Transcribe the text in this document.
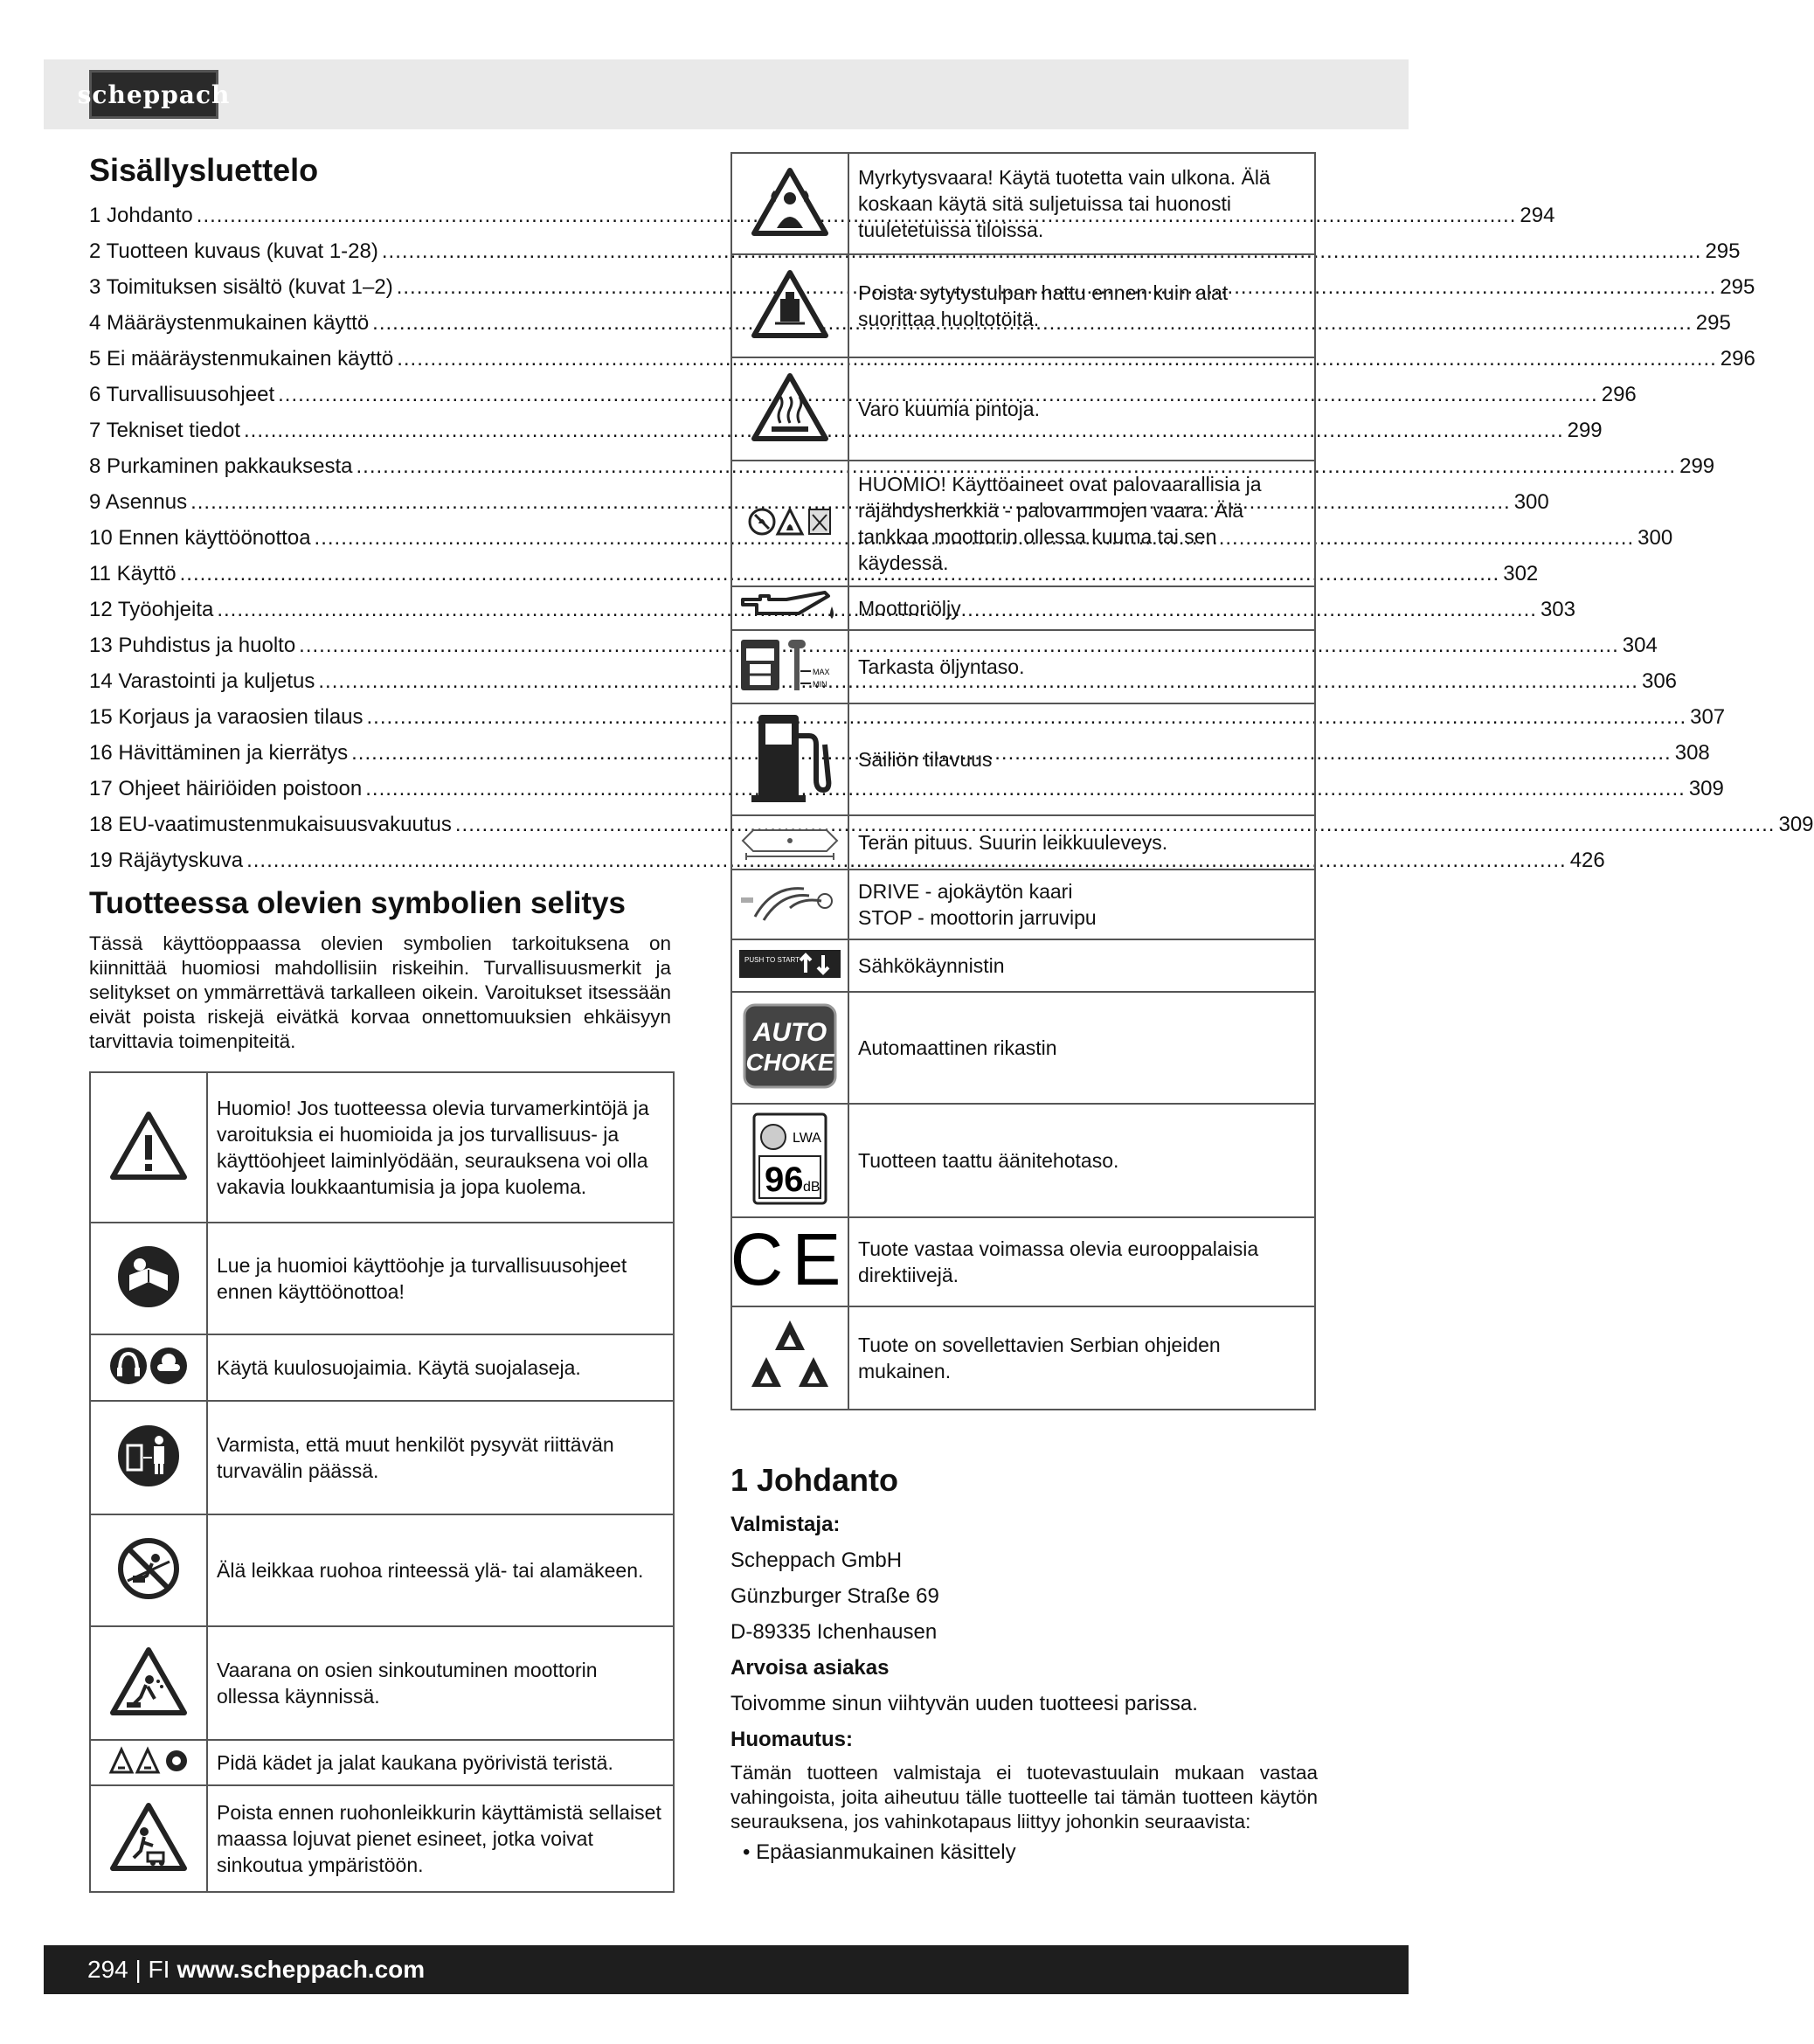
scheppach
Sisällysluettelo
1 Johdanto .....	294
2 Tuotteen kuvaus (kuvat 1-28) .....	295
3 Toimituksen sisältö (kuvat 1–2) .....	295
4 Määräystenmukainen käyttö .....	295
5 Ei määräystenmukainen käyttö .....	296
6 Turvallisuusohjeet .....	296
7 Tekniset tiedot .....	299
8 Purkaminen pakkauksesta .....	299
9 Asennus .....	300
10 Ennen käyttöönottoa .....	300
11 Käyttö .....	302
12 Työohjeita .....	303
13 Puhdistus ja huolto .....	304
14 Varastointi ja kuljetus .....	306
15 Korjaus ja varaosien tilaus .....	307
16 Hävittäminen ja kierrätys .....	308
17 Ohjeet häiriöiden poistoon .....	309
18 EU-vaatimustenmukaisuusvakuutus .....	309
19 Räjäytyskuva .....	426
Tuotteessa olevien symbolien selitys
Tässä käyttöoppaassa olevien symbolien tarkoituksena on kiinnittää huomiosi mahdollisiin riskeihin. Turvallisuusmerkit ja selitykset on ymmärrettävä tarkalleen oikein. Varoitukset itsessään eivät poista riskejä eivätkä korvaa onnettomuuksien ehkäisyyn tarvittavia toimenpiteitä.
	Huomio! Jos tuotteessa olevia turvamerkintöjä ja varoituksia ei huomioida ja jos turvallisuus- ja käyttöohjeet laiminlyödään, seurauksena voi olla vakavia loukkaantumisia ja jopa kuolema.
	Lue ja huomioi käyttöohje ja turvallisuusohjeet ennen käyttöönottoa!
	Käytä kuulosuojaimia. Käytä suojalaseja.
	Varmista, että muut henkilöt pysyvät riittävän turvavälin päässä.
	Älä leikkaa ruohoa rinteessä ylä- tai alamäkeen.
	Vaarana on osien sinkoutuminen moottorin ollessa käynnissä.
	Pidä kädet ja jalat kaukana pyörivistä teristä.
	Poista ennen ruohonleikkurin käyttämistä sellaiset maassa lojuvat pienet esineet, jotka voivat sinkoutua ympäristöön.
	Myrkytysvaara! Käytä tuotetta vain ulkona. Älä koskaan käytä sitä suljetuissa tai huonosti tuuletetuissa tiloissa.
	Poista sytytystulpan hattu ennen kuin alat suorittaa huoltotöitä.
	Varo kuumia pintoja.
	HUOMIO! Käyttöaineet ovat palovaarallisia ja räjähdysherkkiä - palovammojen vaara. Älä tankkaa moottorin ollessa kuuma tai sen käydessä.
	Moottoriöljy

MAX
MIN	Tarkasta öljyntaso.
	Säiliön tilavuus
	Terän pituus. Suurin leikkuuleveys.
	DRIVE - ajokäytön kaari
STOP - moottorin jarruvipu

PUSH TO START	Sähkökäynnistin

AUTO
CHOKE	Automaattinen rikastin

LWA
96 dB	Tuotteen taattu äänitehotaso.

CE	Tuote vastaa voimassa olevia eurooppalaisia direktiivejä.
	Tuote on sovellettavien Serbian ohjeiden mukainen.
1 Johdanto
Valmistaja:
Scheppach GmbH
Günzburger Straße 69
D-89335 Ichenhausen
Arvoisa asiakas
Toivomme sinun viihtyvän uuden tuotteesi parissa.
Huomautus:
Tämän tuotteen valmistaja ei tuotevastuulain mukaan vastaa vahingoista, joita aiheutuu tälle tuotteelle tai tämän tuotteen käytön seurauksena, jos vahinkotapaus liittyy johonkin seuraavista:
• Epäasianmukainen käsittely
294 | FI www.scheppach.com
